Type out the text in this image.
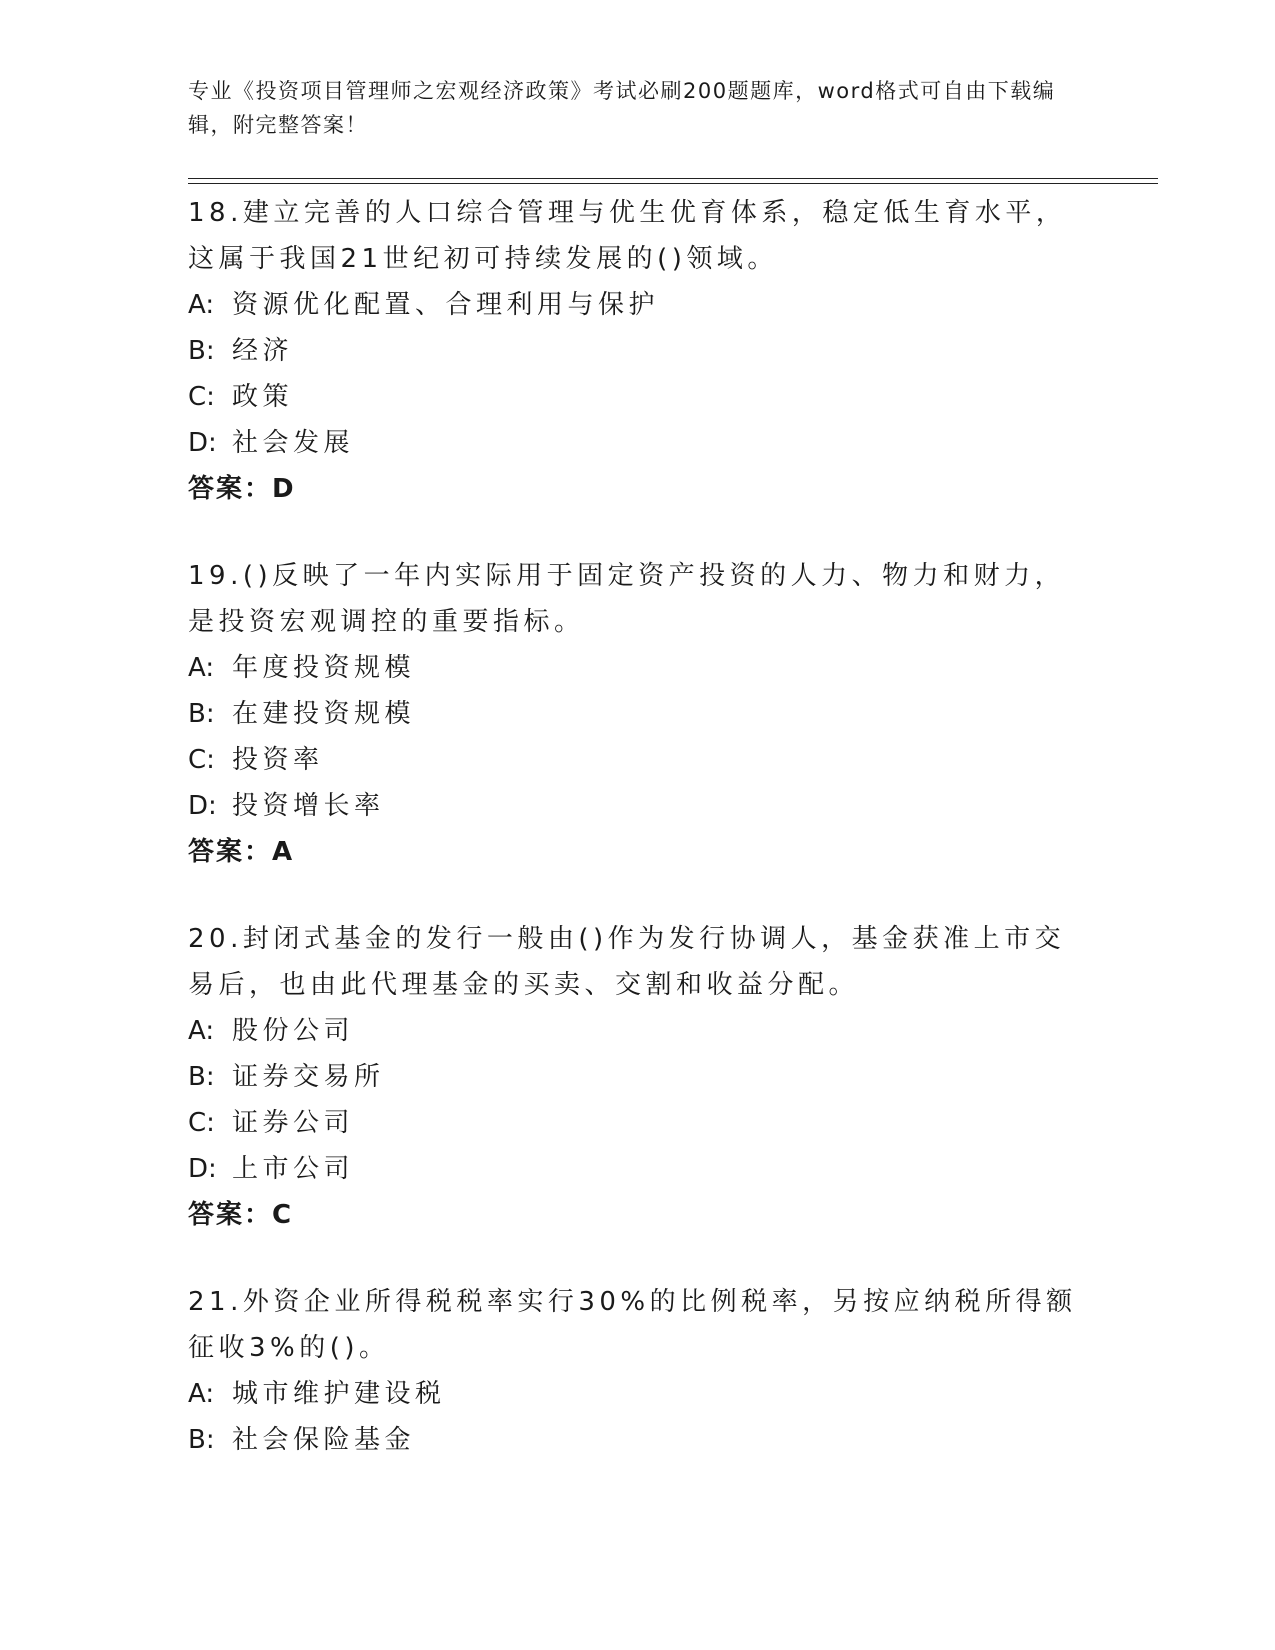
专业《投资项目管理师之宏观经济政策》考试必刷200题题库，word格式可自由下载编辑，附完整答案！

18.建立完善的人口综合管理与优生优育体系，稳定低生育水平，这属于我国21世纪初可持续发展的()领域。

A: 资源优化配置、合理利用与保护

B: 经济

C: 政策

D: 社会发展

答案：D

19.()反映了一年内实际用于固定资产投资的人力、物力和财力，是投资宏观调控的重要指标。

A: 年度投资规模

B: 在建投资规模

C: 投资率

D: 投资增长率

答案：A

20.封闭式基金的发行一般由()作为发行协调人，基金获准上市交易后，也由此代理基金的买卖、交割和收益分配。

A: 股份公司

B: 证券交易所

C: 证券公司

D: 上市公司

答案：C

21.外资企业所得税税率实行30%的比例税率，另按应纳税所得额征收3%的()。

A: 城市维护建设税

B: 社会保险基金
